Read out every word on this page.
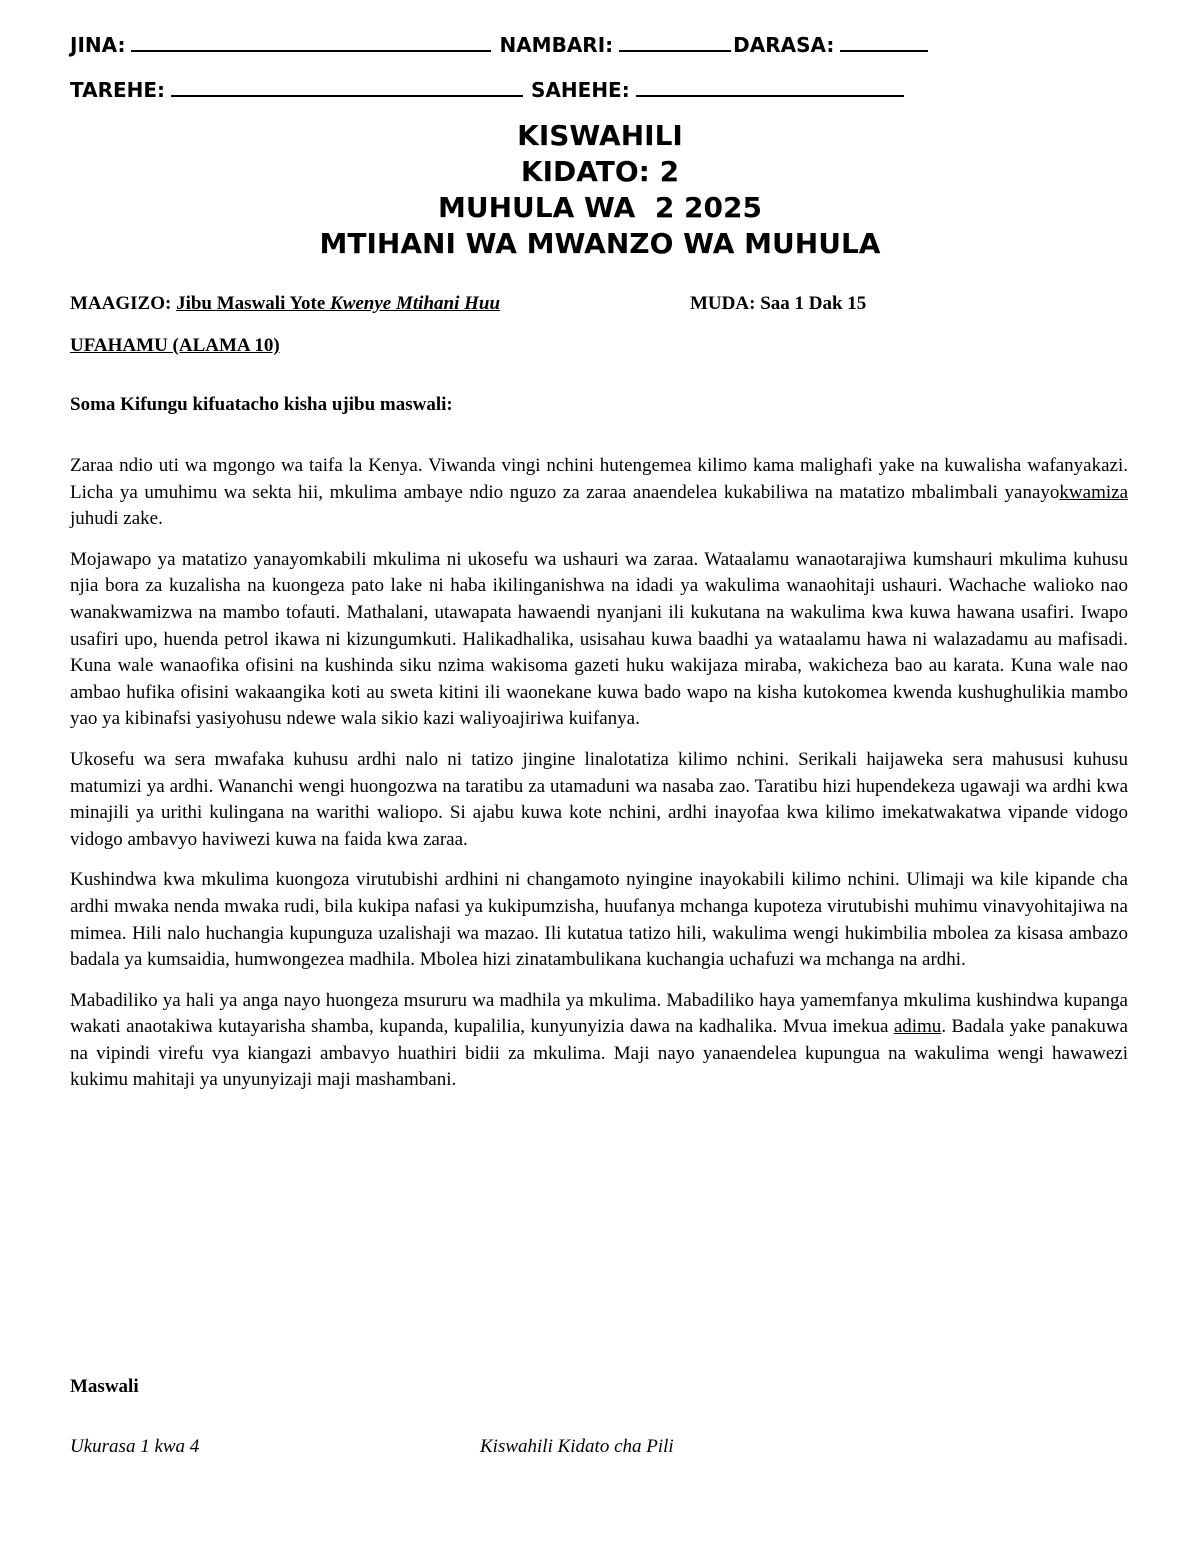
JINA:	NAMBARI:	DARASA:
TAREHE:	SAHEHE:
KISWAHILI
KIDATO: 2
MUHULA WA  2 2025
MTIHANI WA MWANZO WA MUHULA
MAAGIZO: Jibu Maswali Yote Kwenye Mtihani Huu	MUDA: Saa 1 Dak 15
UFAHAMU (ALAMA 10)
Soma Kifungu kifuatacho kisha ujibu maswali:

Zaraa ndio uti wa mgongo wa taifa la Kenya. Viwanda vingi nchini hutengemea kilimo kama malighafi yake na kuwalisha wafanyakazi. Licha ya umuhimu wa sekta hii, mkulima ambaye ndio nguzo za zaraa anaendelea kukabiliwa na matatizo mbalimbali yanayokwamiza juhudi zake.

Mojawapo ya matatizo yanayomkabili mkulima ni ukosefu wa ushauri wa zaraa. Wataalamu wanaotarajiwa kumshauri mkulima kuhusu njia bora za kuzalisha na kuongeza pato lake ni haba ikilinganishwa na idadi ya wakulima wanaohitaji ushauri. Wachache walioko nao wanakwamizwa na mambo tofauti. Mathalani, utawapata hawaendi nyanjani ili kukutana na wakulima kwa kuwa hawana usafiri. Iwapo usafiri upo, huenda petrol ikawa ni kizungumkuti. Halikadhalika, usisahau kuwa baadhi ya wataalamu hawa ni walazadamu au mafisadi. Kuna wale wanaofika ofisini na kushinda siku nzima wakisoma gazeti huku wakijaza miraba, wakicheza bao au karata. Kuna wale nao ambao hufika ofisini wakaangika koti au sweta kitini ili waonekane kuwa bado wapo na kisha kutokomea kwenda kushughulikia mambo yao ya kibinafsi yasiyohusu ndewe wala sikio kazi waliyoajiriwa kuifanya.

Ukosefu wa sera mwafaka kuhusu ardhi nalo ni tatizo jingine linalotatiza kilimo nchini. Serikali haijaweka sera mahususi kuhusu matumizi ya ardhi. Wananchi wengi huongozwa na taratibu za utamaduni wa nasaba zao. Taratibu hizi hupendekeza ugawaji wa ardhi kwa minajili ya urithi kulingana na warithi waliopo. Si ajabu kuwa kote nchini, ardhi inayofaa kwa kilimo imekatwakatwa vipande vidogo vidogo ambavyo haviwezi kuwa na faida kwa zaraa.

Kushindwa kwa mkulima kuongoza virutubishi ardhini ni changamoto nyingine inayokabili kilimo nchini. Ulimaji wa kile kipande cha ardhi mwaka nenda mwaka rudi, bila kukipa nafasi ya kukipumzisha, huufanya mchanga kupoteza virutubishi muhimu vinavyohitajiwa na mimea. Hili nalo huchangia kupunguza uzalishaji wa mazao. Ili kutatua tatizo hili, wakulima wengi hukimbilia mbolea za kisasa ambazo badala ya kumsaidia, humwongezea madhila. Mbolea hizi zinatambulikana kuchangia uchafuzi wa mchanga na ardhi.

Mabadiliko ya hali ya anga nayo huongeza msururu wa madhila ya mkulima. Mabadiliko haya yamemfanya mkulima kushindwa kupanga wakati anaotakiwa kutayarisha shamba, kupanda, kupalilia, kunyunyizia dawa na kadhalika. Mvua imekua adimu. Badala yake panakuwa na vipindi virefu vya kiangazi ambavyo huathiri bidii za mkulima. Maji nayo yanaendelea kupungua na wakulima wengi hawawezi kukimu mahitaji ya unyunyizaji maji mashambani.

Maswali
Ukurasa 1 kwa 4	Kiswahili Kidato cha Pili
